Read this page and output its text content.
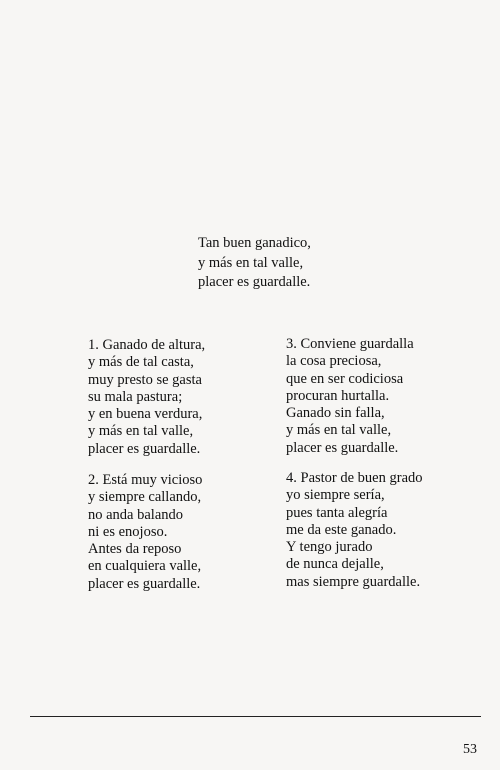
Tan buen ganadico,
y más en tal valle,
placer es guardalle.
1. Ganado de altura,
y más de tal casta,
muy presto se gasta
su mala pastura;
y en buena verdura,
y más en tal valle,
placer es guardalle.
2. Está muy vicioso
y siempre callando,
no anda balando
ni es enojoso.
Antes da reposo
en cualquiera valle,
placer es guardalle.
3. Conviene guardalla
la cosa preciosa,
que en ser codiciosa
procuran hurtalla.
Ganado sin falla,
y más en tal valle,
placer es guardalle.
4. Pastor de buen grado
yo siempre sería,
pues tanta alegría
me da este ganado.
Y tengo jurado
de nunca dejalle,
mas siempre guardalle.
53
